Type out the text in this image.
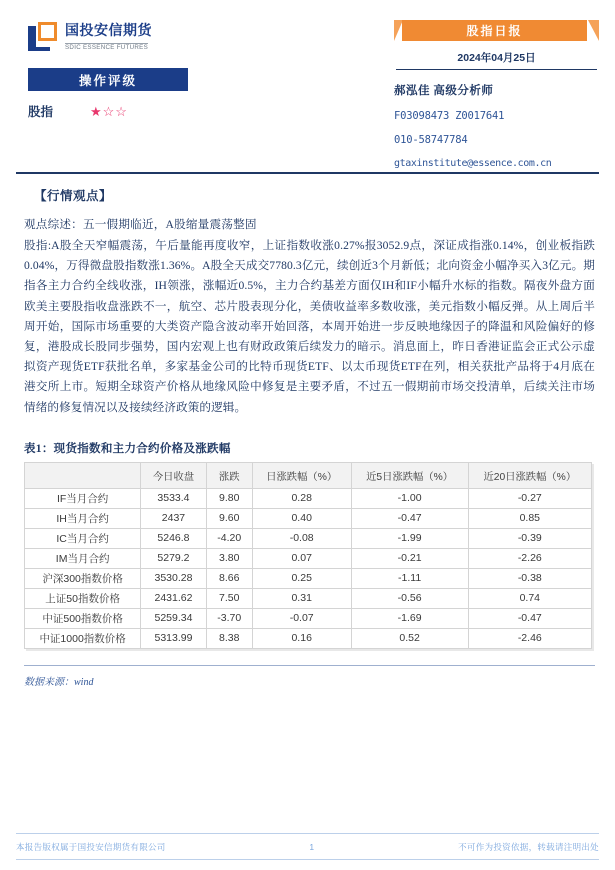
国投安信期货
SDIC ESSENCE FUTURES
操作评级
股指	★☆☆
股指日报
2024年04月25日
郝泓佳 高级分析师
F03098473 Z0017641
010-58747784
gtaxinstitute@essence.com.cn
【行情观点】
观点综述：五一假期临近，A股缩量震荡整固

股指:A股全天窄幅震荡，午后量能再度收窄，上证指数收涨0.27%报3052.9点，深证成指涨0.14%，创业板指跌0.04%，万得微盘股指数涨1.36%。A股全天成交7780.3亿元，续创近3个月新低；北向资金小幅净买入3亿元。期指各主力合约全线收涨，IH领涨，涨幅近0.5%，主力合约基差方面仅IH和IF小幅升水标的指数。隔夜外盘方面欧美主要股指收盘涨跌不一，航空、芯片股表现分化，美债收益率多数收涨，美元指数小幅反弹。从上周后半周开始，国际市场重要的大类资产隐含波动率开始回落，本周开始进一步反映地缘因子的降温和风险偏好的修复，港股成长股同步强势，国内宏观上也有财政政策后续发力的暗示。消息面上，昨日香港证监会正式公示虚拟资产现货ETF获批名单，多家基金公司的比特币现货ETF、以太币现货ETF在列，相关获批产品将于4月底在港交所上市。短期全球资产价格从地缘风险中修复是主要矛盾，不过五一假期前市场交投清单，后续关注市场情绪的修复情况以及接续经济政策的逻辑。

表1：现货指数和主力合约价格及涨跌幅
	今日收盘	涨跌	日涨跌幅（%）	近5日涨跌幅（%）	近20日涨跌幅（%）
IF当月合约	3533.4	9.80	0.28	-1.00	-0.27
IH当月合约	2437	9.60	0.40	-0.47	0.85
IC当月合约	5246.8	-4.20	-0.08	-1.99	-0.39
IM当月合约	5279.2	3.80	0.07	-0.21	-2.26
沪深300指数价格	3530.28	8.66	0.25	-1.11	-0.38
上证50指数价格	2431.62	7.50	0.31	-0.56	0.74
中证500指数价格	5259.34	-3.70	-0.07	-1.69	-0.47
中证1000指数价格	5313.99	8.38	0.16	0.52	-2.46
数据来源：wind
本报告版权属于国投安信期货有限公司	1	不可作为投资依据，转载请注明出处
